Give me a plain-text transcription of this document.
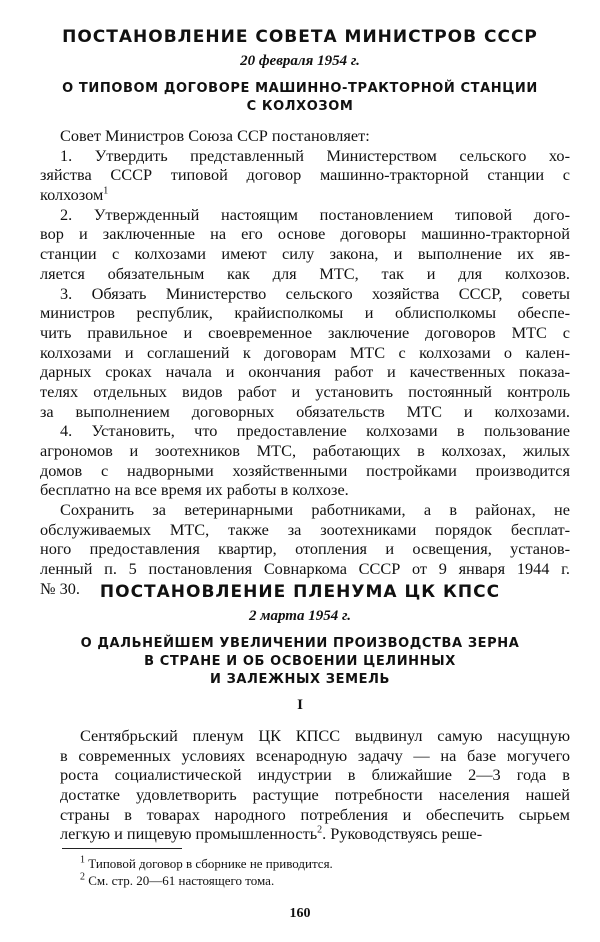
ПОСТАНОВЛЕНИЕ СОВЕТА МИНИСТРОВ СССР
20 февраля 1954 г.
О ТИПОВОМ ДОГОВОРЕ МАШИННО-ТРАКТОРНОЙ СТАНЦИИ
С КОЛХОЗОМ
Совет Министров Союза ССР постановляет:
1. Утвердить представленный Министерством сельского хо-
зяйства СССР типовой договор машинно-тракторной станции с
колхозом$^1$
2. Утвержденный настоящим постановлением типовой дого-
вор и заключенные на его основе договоры машинно-тракторной
станции с колхозами имеют силу закона, и выполнение их яв-
ляется обязательным как для МТС, так и для колхозов.
3. Обязать Министерство сельского хозяйства СССР, советы
министров республик, крайисполкомы и облисполкомы обеспе-
чить правильное и своевременное заключение договоров МТС с
колхозами и соглашений к договорам МТС с колхозами о кален-
дарных сроках начала и окончания работ и качественных показа-
телях отдельных видов работ и установить постоянный контроль
за выполнением договорных обязательств МТС и колхозами.
4. Установить, что предоставление колхозами в пользование
агрономов и зоотехников МТС, работающих в колхозах, жилых
домов с надворными хозяйственными постройками производится
бесплатно на все время их работы в колхозе.
Сохранить за ветеринарными работниками, а в районах, не
обслуживаемых МТС, также за зоотехниками порядок бесплат-
ного предоставления квартир, отопления и освещения, установ-
ленный п. 5 постановления Совнаркома СССР от 9 января 1944 г.
№ 30.	ПОСТАНОВЛЕНИЕ ПЛЕНУМА ЦК КПСС
2 марта 1954 г.
О ДАЛЬНЕЙШЕМ УВЕЛИЧЕНИИ ПРОИЗВОДСТВА ЗЕРНА
В СТРАНЕ И ОБ ОСВОЕНИИ ЦЕЛИННЫХ
И ЗАЛЕЖНЫХ ЗЕМЕЛЬ
I
Сентябрьский пленум ЦК КПСС выдвинул самую насущную
в современных условиях всенародную задачу — на базе могучего
роста социалистической индустрии в ближайшие 2—3 года в
достатке удовлетворить растущие потребности населения нашей
страны в товарах народного потребления и обеспечить сырьем
легкую и пищевую промышленность$^2$. Руководствуясь реше-
$^1$ Типовой договор в сборнике не приводится.
$^2$ См. стр. 20—61 настоящего тома.
160
